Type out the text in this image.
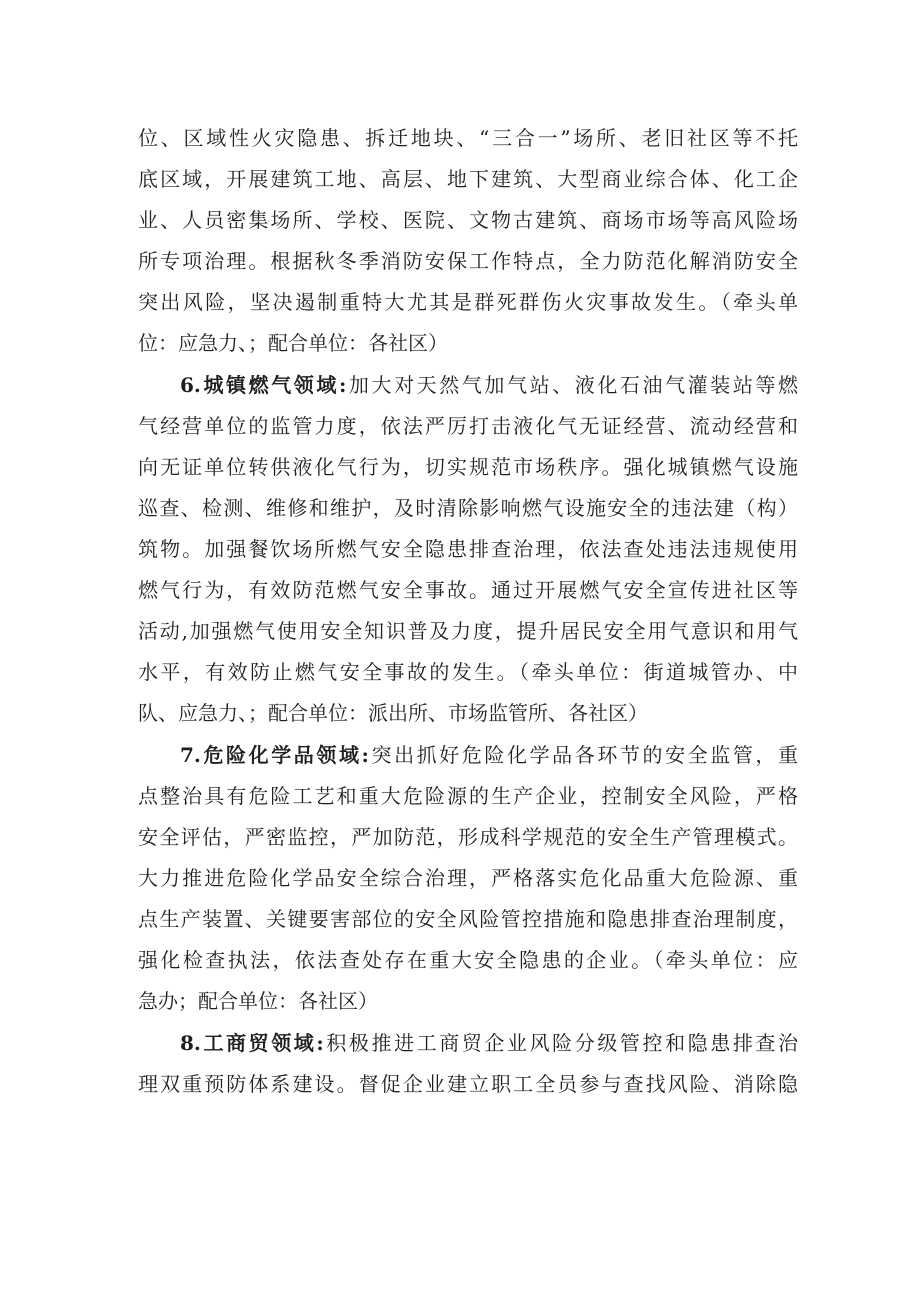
位、区域性火灾隐患、拆迁地块、“三合一”场所、老旧社区等不托
底区域，开展建筑工地、高层、地下建筑、大型商业综合体、化工企
业、人员密集场所、学校、医院、文物古建筑、商场市场等高风险场
所专项治理。根据秋冬季消防安保工作特点，全力防范化解消防安全
突出风险，坚决遏制重特大尤其是群死群伤火灾事故发生。（牵头单
位：应急力、；配合单位：各社区）
6.城镇燃气领域:加大对天然气加气站、液化石油气灌装站等燃
气经营单位的监管力度，依法严厉打击液化气无证经营、流动经营和
向无证单位转供液化气行为，切实规范市场秩序。强化城镇燃气设施
巡查、检测、维修和维护，及时清除影响燃气设施安全的违法建（构）
筑物。加强餐饮场所燃气安全隐患排查治理，依法查处违法违规使用
燃气行为，有效防范燃气安全事故。通过开展燃气安全宣传进社区等
活动,加强燃气使用安全知识普及力度，提升居民安全用气意识和用气
水平，有效防止燃气安全事故的发生。（牵头单位：街道城管办、中
队、应急力、；配合单位：派出所、市场监管所、各社区）
7.危险化学品领域:突出抓好危险化学品各环节的安全监管，重
点整治具有危险工艺和重大危险源的生产企业，控制安全风险，严格
安全评估，严密监控，严加防范，形成科学规范的安全生产管理模式。
大力推进危险化学品安全综合治理，严格落实危化品重大危险源、重
点生产装置、关键要害部位的安全风险管控措施和隐患排查治理制度，
强化检查执法，依法查处存在重大安全隐患的企业。（牵头单位：应
急办；配合单位：各社区）
8.工商贸领域:积极推进工商贸企业风险分级管控和隐患排查治
理双重预防体系建设。督促企业建立职工全员参与查找风险、消除隐
